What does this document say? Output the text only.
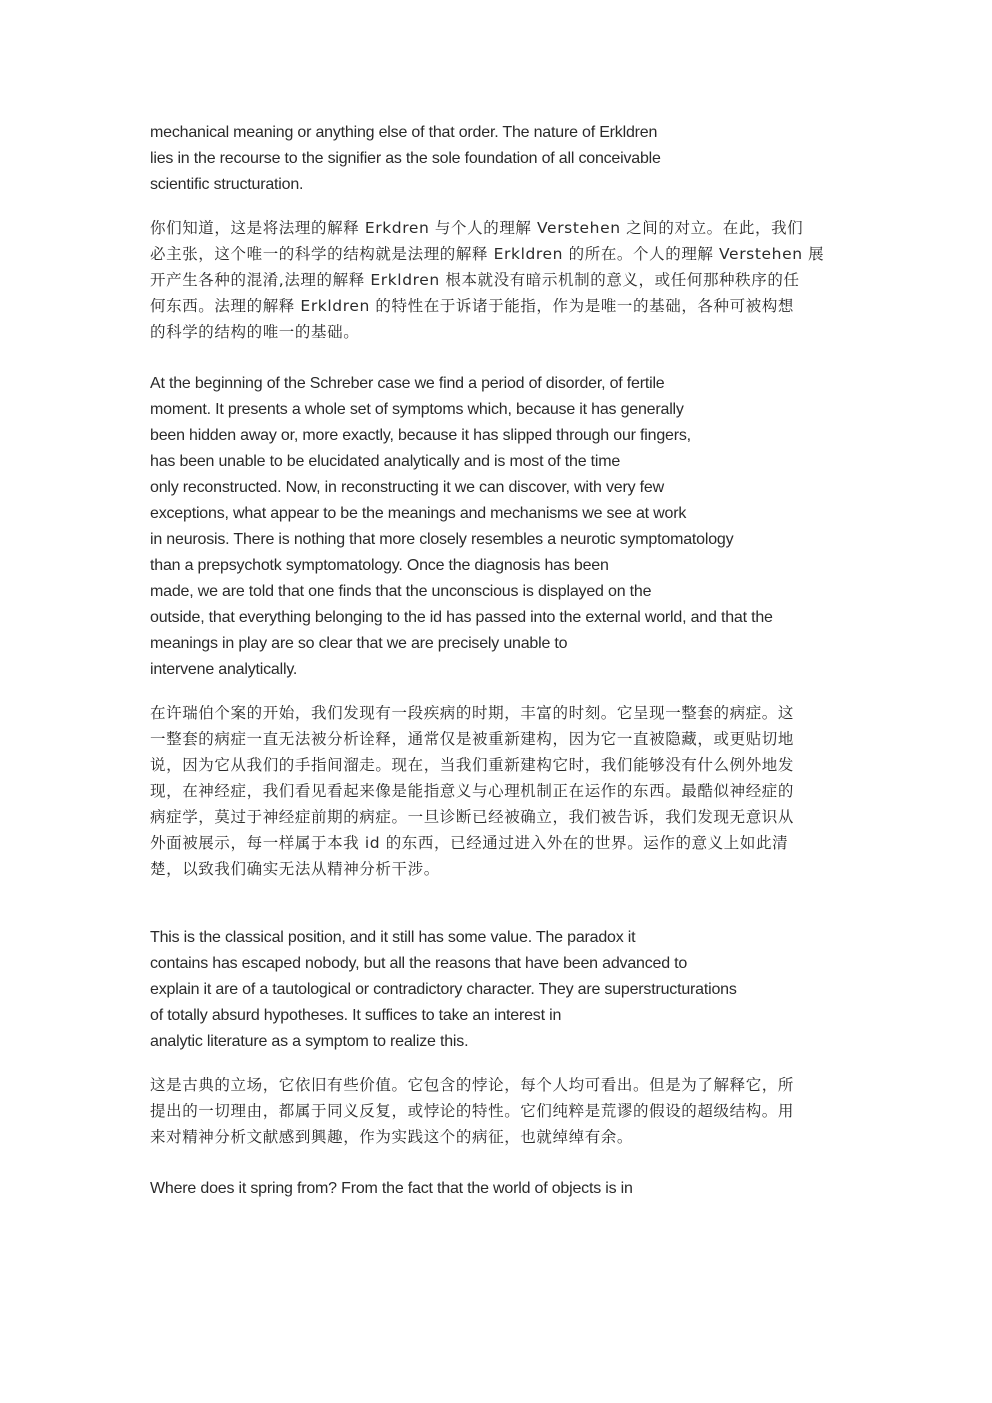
mechanical meaning or anything else of that order. The nature of Erkldren
lies in the recourse to the signifier as the sole foundation of all conceivable
scientific structuration.
你们知道，这是将法理的解释 Erkdren 与个人的理解 Verstehen 之间的对立。在此，我们
必主张，这个唯一的科学的结构就是法理的解释 Erkldren 的所在。个人的理解 Verstehen 展
开产生各种的混淆,法理的解释 Erkldren 根本就没有暗示机制的意义，或任何那种秩序的任
何东西。法理的解释 Erkldren 的特性在于诉诸于能指，作为是唯一的基础，各种可被构想
的科学的结构的唯一的基础。
At the beginning of the Schreber case we find a period of disorder, of fertile
moment. It presents a whole set of symptoms which, because it has generally
been hidden away or, more exactly, because it has slipped through our fingers,
has been unable to be elucidated analytically and is most of the time
only reconstructed. Now, in reconstructing it we can discover, with very few
exceptions, what appear to be the meanings and mechanisms we see at work
in neurosis. There is nothing that more closely resembles a neurotic symptomatology
than a prepsychotk symptomatology. Once the diagnosis has been
made, we are told that one finds that the unconscious is displayed on the
outside, that everything belonging to the id has passed into the external world, and that the
meanings in play are so clear that we are precisely unable to
intervene analytically.
在许瑞伯个案的开始，我们发现有一段疾病的时期，丰富的时刻。它呈现一整套的病症。这
一整套的病症一直无法被分析诠释，通常仅是被重新建构，因为它一直被隐藏，或更贴切地
说，因为它从我们的手指间溜走。现在，当我们重新建构它时，我们能够没有什么例外地发
现，在神经症，我们看见看起来像是能指意义与心理机制正在运作的东西。最酷似神经症的
病症学，莫过于神经症前期的病症。一旦诊断已经被确立，我们被告诉，我们发现无意识从
外面被展示，每一样属于本我 id 的东西，已经通过进入外在的世界。运作的意义上如此清
楚，以致我们确实无法从精神分析干涉。
This is the classical position, and it still has some value. The paradox it
contains has escaped nobody, but all the reasons that have been advanced to
explain it are of a tautological or contradictory character. They are superstructurations
of totally absurd hypotheses. It suffices to take an interest in
analytic literature as a symptom to realize this.
这是古典的立场，它依旧有些价值。它包含的悖论，每个人均可看出。但是为了解释它，所
提出的一切理由，都属于同义反复，或悖论的特性。它们纯粹是荒谬的假设的超级结构。用
来对精神分析文献感到興趣，作为实践这个的病征，也就绰绰有余。
Where does it spring from? From the fact that the world of objects is in
